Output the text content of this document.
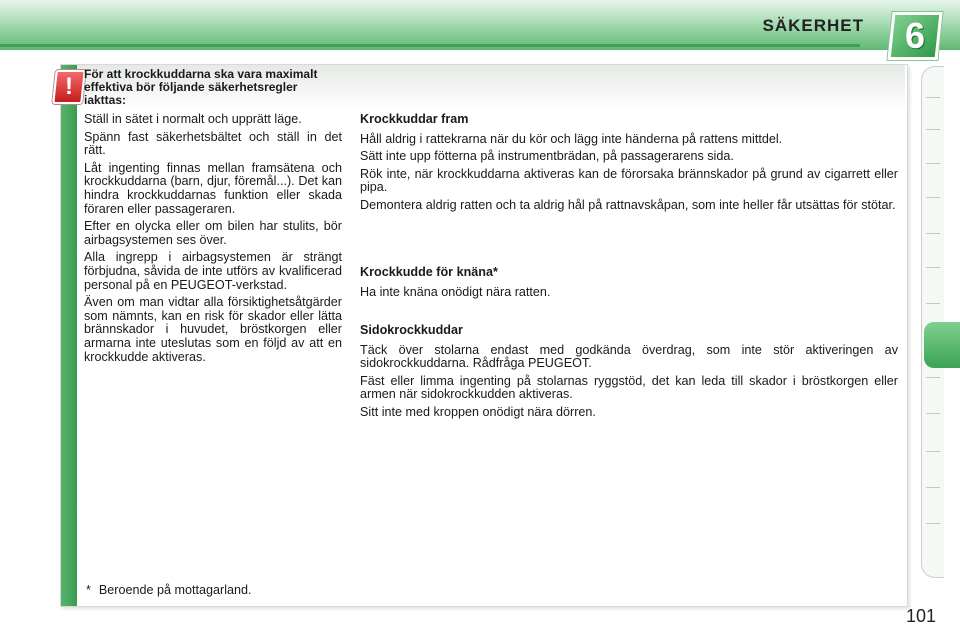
SÄKERHET 6
! För att krockkuddarna ska vara maximalt effektiva bör följande säkerhetsregler iakttas:

Ställ in sätet i normalt och upprätt läge.

Spänn fast säkerhetsbältet och ställ in det rätt.

Låt ingenting finnas mellan framsätena och krockkuddarna (barn, djur, föremål...). Det kan hindra krockkuddarnas funktion eller skada föraren eller passageraren.

Efter en olycka eller om bilen har stulits, bör airbagsystemen ses över.

Alla ingrepp i airbagsystemen är strängt förbjudna, såvida de inte utförs av kvalificerad personal på en PEUGEOT-verkstad.

Även om man vidtar alla försiktighetsåtgärder som nämnts, kan en risk för skador eller lätta brännskador i huvudet, bröstkorgen eller armarna inte uteslutas som en följd av att en krockkudde aktiveras.

Krockkuddar fram

Håll aldrig i rattekrarna när du kör och lägg inte händerna på rattens mittdel.

Sätt inte upp fötterna på instrumentbrädan, på passagerarens sida.

Rök inte, när krockkuddarna aktiveras kan de förorsaka brännskador på grund av cigarrett eller pipa.

Demontera aldrig ratten och ta aldrig hål på rattnavskåpan, som inte heller får utsättas för stötar.

Krockkudde för knäna*

Ha inte knäna onödigt nära ratten.

Sidokrockkuddar

Täck över stolarna endast med godkända överdrag, som inte stör aktiveringen av sidokrockkuddarna. Rådfråga PEUGEOT.

Fäst eller limma ingenting på stolarnas ryggstöd, det kan leda till skador i bröstkorgen eller armen när sidokrockkudden aktiveras.

Sitt inte med kroppen onödigt nära dörren.

* Beroende på mottagarland.
101
